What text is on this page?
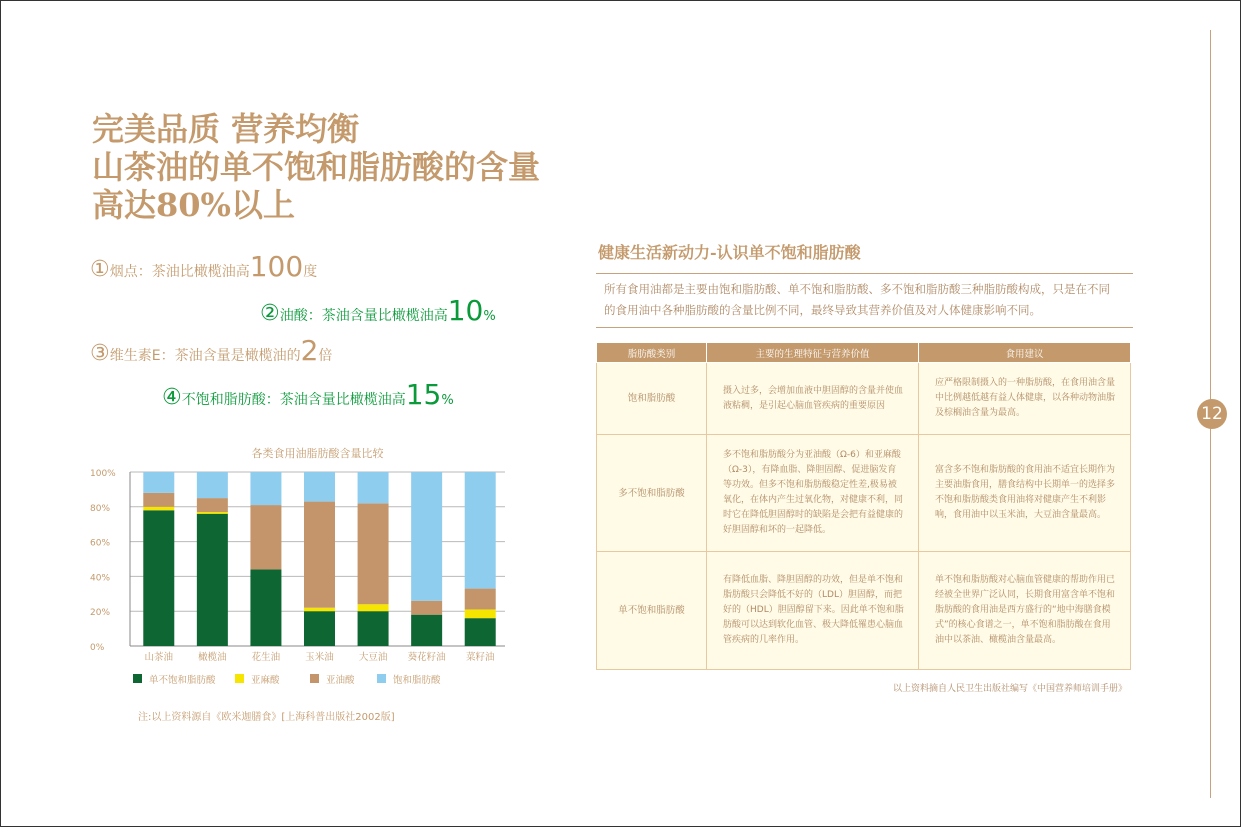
12
完美品质 营养均衡
山茶油的单不饱和脂肪酸的含量
高达80%以上
①烟点：茶油比橄榄油高100度
②油酸：茶油含量比橄榄油高10%
③维生素E：茶油含量是橄榄油的2倍
④不饱和脂肪酸：茶油含量比橄榄油高15%
各类食用油脂肪酸含量比较
0%
20%
40%
60%
80%
100%
山茶油	橄榄油	花生油	玉米油	大豆油 葵花籽油 菜籽油
单不饱和脂肪酸	亚麻酸	亚油酸	饱和脂肪酸
注:以上资料源自《欧米迦膳食》[上海科普出版社2002版]
健康生活新动力-认识单不饱和脂肪酸
所有食用油都是主要由饱和脂肪酸、单不饱和脂肪酸、多不饱和脂肪酸三种脂肪酸构成，只是在不同
的食用油中各种脂肪酸的含量比例不同，最终导致其营养价值及对人体健康影响不同。
脂肪酸类别	主要的生理特征与营养价值	食用建议
饱和脂肪酸	摄入过多，会增加血液中胆固醇的含量并使血液粘稠，是引起心脑血管疾病的重要原因	应严格限制摄入的一种脂肪酸，在食用油含量中比例越低越有益人体健康，以各种动物油脂及棕榈油含量为最高。
多不饱和脂肪酸	多不饱和脂肪酸分为亚油酸（Ω-6）和亚麻酸（Ω-3），有降血脂、降胆固醇、促进脑发育等功效。但多不饱和脂肪酸稳定性差,极易被氧化，在体内产生过氧化物，对健康不利，同时它在降低胆固醇时的缺陷是会把有益健康的好胆固醇和坏的一起降低。	富含多不饱和脂肪酸的食用油不适宜长期作为主要油脂食用，膳食结构中长期单一的选择多不饱和脂肪酸类食用油将对健康产生不利影响，食用油中以玉米油，大豆油含量最高。
单不饱和脂肪酸	有降低血脂、降胆固醇的功效，但是单不饱和脂肪酸只会降低不好的（LDL）胆固醇，而把好的（HDL）胆固醇留下来。因此单不饱和脂肪酸可以达到软化血管、极大降低罹患心脑血管疾病的几率作用。	单不饱和脂肪酸对心脑血管健康的帮助作用已经被全世界广泛认同，长期食用富含单不饱和脂肪酸的食用油是西方盛行的“地中海膳食模式”的核心食谱之一，单不饱和脂肪酸在食用油中以茶油、橄榄油含量最高。
以上资料摘自人民卫生出版社编写《中国营养师培训手册》
